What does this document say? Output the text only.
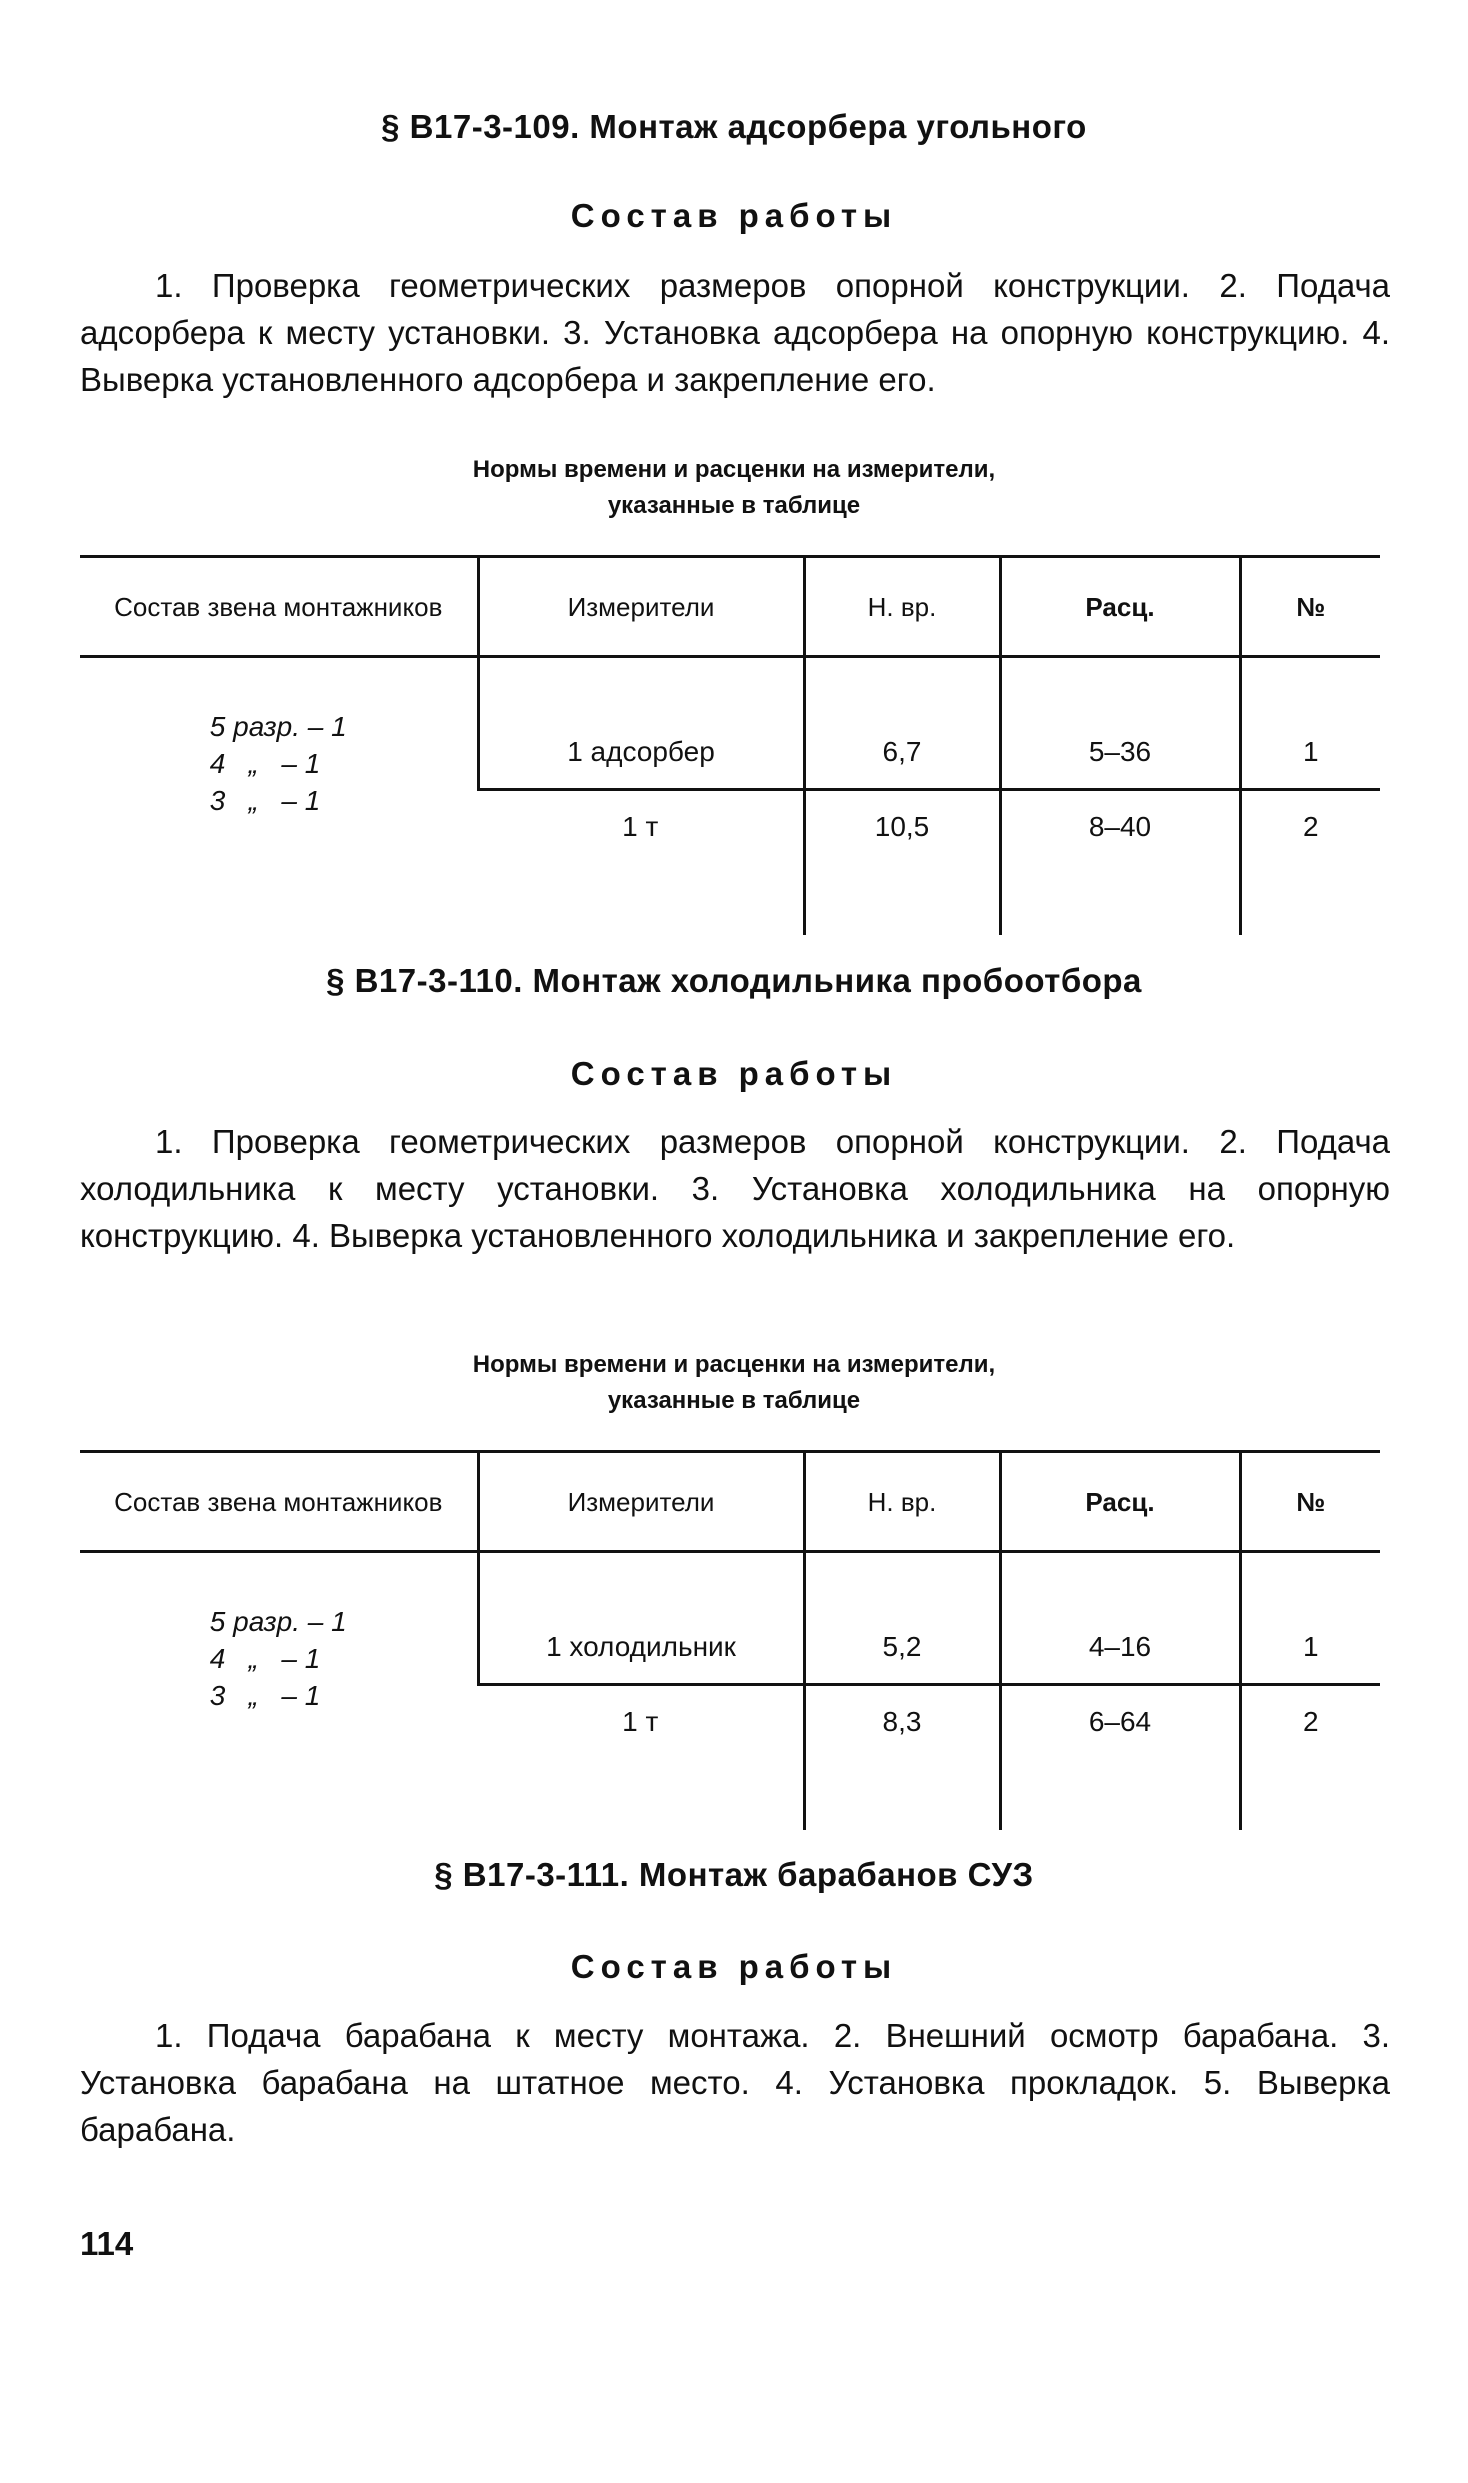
§ В17-3-109. Монтаж адсорбера угольного
Состав работы

1. Проверка геометрических размеров опорной конструкции. 2. Подача адсорбера к месту установки. 3. Установка адсорбера на опорную конструкцию. 4. Выверка установленного адсорбера и закрепление его.

Нормы времени и расценки на измерители,
указанные в таблице
Состав звена монтажников	Измерители	Н. вр.	Расц.	№

5 разр. – 1
4   „   – 1
3   „   – 1	1 адсорбер	6,7	5–36	1
	1 т	10,5	8–40	2

§ В17-3-110. Монтаж холодильника пробоотбора
Состав работы

1. Проверка геометрических размеров опорной конструкции. 2. Подача холодильника к месту установки. 3. Установка холодильника на опорную конструкцию. 4. Выверка установленного холодильника и закрепление его.

Нормы времени и расценки на измерители,
указанные в таблице
Состав звена монтажников	Измерители	Н. вр.	Расц.	№

5 разр. – 1
4   „   – 1
3   „   – 1	1 холодильник	5,2	4–16	1
	1 т	8,3	6–64	2

§ В17-3-111. Монтаж барабанов СУЗ
Состав работы

1. Подача барабана к месту монтажа. 2. Внешний осмотр барабана. 3. Установка барабана на штатное место. 4. Установка прокладок. 5. Выверка барабана.

114
